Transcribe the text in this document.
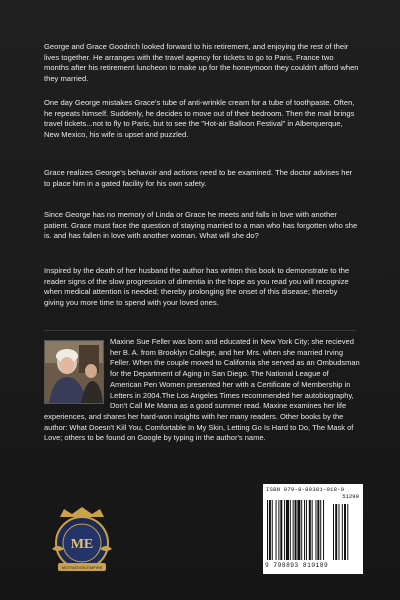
George and Grace Goodrich looked forward to his retirement, and enjoying the rest of their lives together. He arranges with the travel agency for tickets to go to Paris, France two months after his retirement luncheon to make up for the honeymoon they couldn't afford when they married.

One day George mistakes Grace's tube of anti-wrinkle cream for a tube of toothpaste. Often, he repeats himself. Suddenly, he decides to move out of their bedroom. Then the mail brings travel tickets...not to fly to Paris, but to see the "Hot-air Balloon Festival" in Alberquerque, New Mexico, his wife is upset and puzzled.

Grace realizes George's behavoir and actions need to be examined. The doctor advises her to place him in a gated facility for his own safety.

Since George has no memory of Linda or Grace he meets and falls in love with another patient. Grace must face the question of staying married to a man who has forgotten who she is. and has fallen in love with another woman. What will she do?

Inspired by the death of her husband the author has written this book to demonstrate to the reader signs of the slow progression of dimentia in the hope as you read you will recognize when medical attention is needed; thereby prolonging the onset of this disease; thereby giving you more time to spend with your loved ones.

Maxine Sue Feller was born and educated in New York City; she recieved her B. A. from Brooklyn College, and her Mrs. when she married Irving Feller. When the couple moved to California she served as an Ombudsman for the Department of Aging in San Diego. The National League of American Pen Women presented her with a Certificate of Membership in Letters in 2004.The Los Angeles Times recommended her autobiography, Don't Call Me Mama as a good summer read. Maxine examines her life experiences, and shares her hard-won insights with her many readers. Other books by the author: What Doesn't Kill You, Comfortable In My Skin, Letting Go Is Hard to Do, The Mask of Love; others to be found on Google by typing in the author's name.

ME
MOTIVATION EMPIRE
ISBN 979-8-89381-018-9
51299
9 798893 810189
